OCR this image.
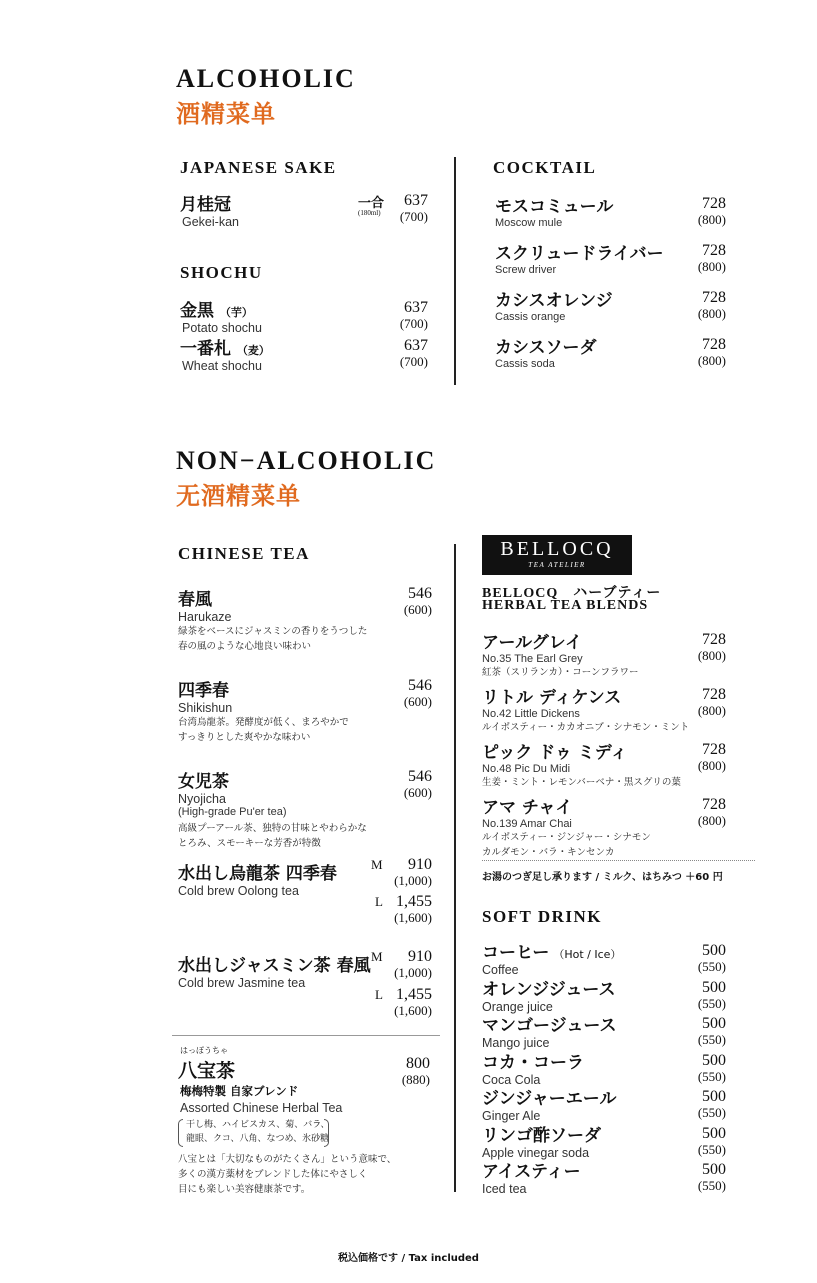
ALCOHOLIC
酒精菜单
JAPANESE SAKE
月桂冠
Gekei-kan
一合
(180ml)
637
(700)
SHOCHU
金黒 （芋）
Potato shochu
637
(700)
一番札 （麦）
Wheat shochu
637
(700)
COCKTAIL
モスコミュール
Moscow mule
728
(800)
スクリュードライバー
Screw driver
728
(800)
カシスオレンジ
Cassis orange
728
(800)
カシスソーダ
Cassis soda
728
(800)
NON−ALCOHOLIC
无酒精菜单
CHINESE TEA
春風
Harukaze
緑茶をベースにジャスミンの香りをうつした
春の風のような心地良い味わい
546
(600)
四季春
Shikishun
台湾烏龍茶。発酵度が低く、まろやかで
すっきりとした爽やかな味わい
546
(600)
女児茶
Nyojicha
(High-grade Pu'er tea)
高級プーアール茶、独特の甘味とやわらかな
とろみ、スモーキーな芳香が特徴
546
(600)
水出し烏龍茶 四季春
Cold brew Oolong tea
M	910
(1,000)
L 1,455
(1,600)
水出しジャスミン茶 春風
Cold brew Jasmine tea
M	910
(1,000)
L 1,455
(1,600)
はっぽうちゃ
八宝茶
梅梅特製 自家ブレンド
Assorted Chinese Herbal Tea
干し梅、ハイビスカス、菊、バラ、
龍眼、クコ、八角、なつめ、氷砂糖
八宝とは「大切なものがたくさん」という意味で、
多くの漢方薬材をブレンドした体にやさしく
目にも楽しい美容健康茶です。
800
(880)
BELLOCQ
TEA ATELIER
BELLOCQ　ハーブティー
HERBAL TEA BLENDS
アールグレイ
No.35 The Earl Grey
紅茶（スリランカ）・コーンフラワー
728
(800)
リトル ディケンス
No.42 Little Dickens
ルイボスティー・カカオニブ・シナモン・ミント
728
(800)
ピック ドゥ ミディ
No.48 Pic Du Midi
生姜・ミント・レモンバーベナ・黒スグリの葉
728
(800)
アマ チャイ
No.139 Amar Chai
ルイボスティー・ジンジャー・シナモン
カルダモン・バラ・キンセンカ
728
(800)
お湯のつぎ足し承ります / ミルク、はちみつ ＋60 円
SOFT DRINK
コーヒー （Hot / Ice）
Coffee
500
(550)
オレンジジュース
Orange juice
500
(550)
マンゴージュース
Mango juice
500
(550)
コカ・コーラ
Coca Cola
500
(550)
ジンジャーエール
Ginger Ale
500
(550)
リンゴ酢ソーダ
Apple vinegar soda
500
(550)
アイスティー
Iced tea
500
(550)
税込価格です / Tax included
